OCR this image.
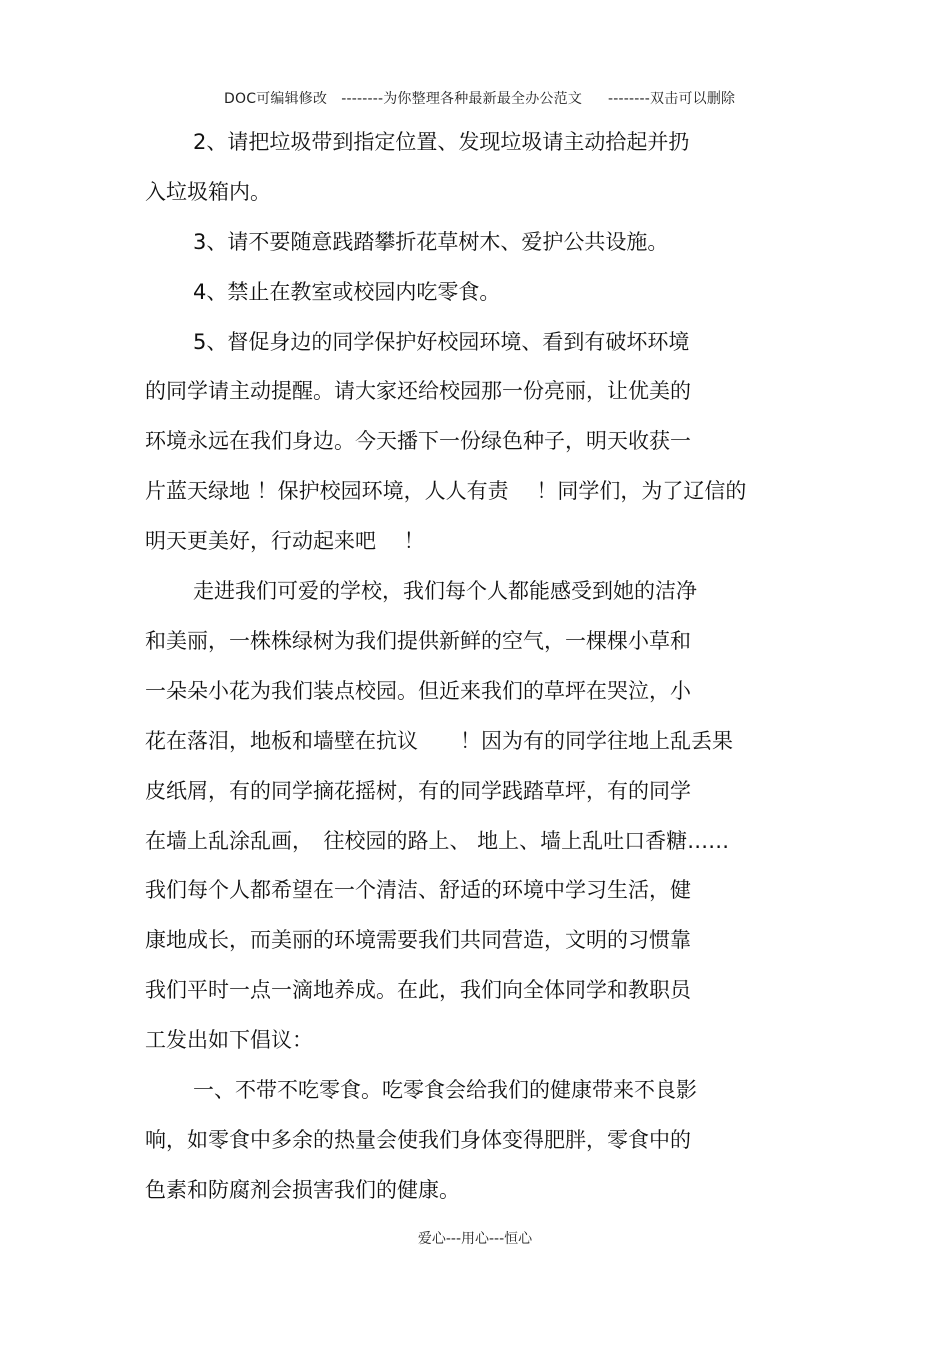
DOC可编辑修改 --------为你整理各种最新最全办公范文 --------双击可以删除

2、请把垃圾带到指定位置、发现垃圾请主动拾起并扔
入垃圾箱内。
3、请不要随意践踏攀折花草树木、爱护公共设施。
4、禁止在教室或校园内吃零食。
5、督促身边的同学保护好校园环境、看到有破坏环境
的同学请主动提醒。请大家还给校园那一份亮丽，让优美的
环境永远在我们身边。今天播下一份绿色种子，明天收获一
片蓝天绿地 ！保护校园环境，人人有责　 ！同学们，为了辽信的
明天更美好，行动起来吧　 ！
走进我们可爱的学校，我们每个人都能感受到她的洁净
和美丽，一株株绿树为我们提供新鲜的空气，一棵棵小草和
一朵朵小花为我们装点校园。但近来我们的草坪在哭泣，小
花在落泪，地板和墙壁在抗议　　！因为有的同学往地上乱丢果
皮纸屑，有的同学摘花摇树，有的同学践踏草坪，有的同学
在墙上乱涂乱画，　往校园的路上、 地上、墙上乱吐口香糖……
我们每个人都希望在一个清洁、舒适的环境中学习生活，健
康地成长，而美丽的环境需要我们共同营造，文明的习惯靠
我们平时一点一滴地养成。在此，我们向全体同学和教职员
工发出如下倡议：
一、不带不吃零食。吃零食会给我们的健康带来不良影
响，如零食中多余的热量会使我们身体变得肥胖，零食中的
色素和防腐剂会损害我们的健康。
爱心---用心---恒心
